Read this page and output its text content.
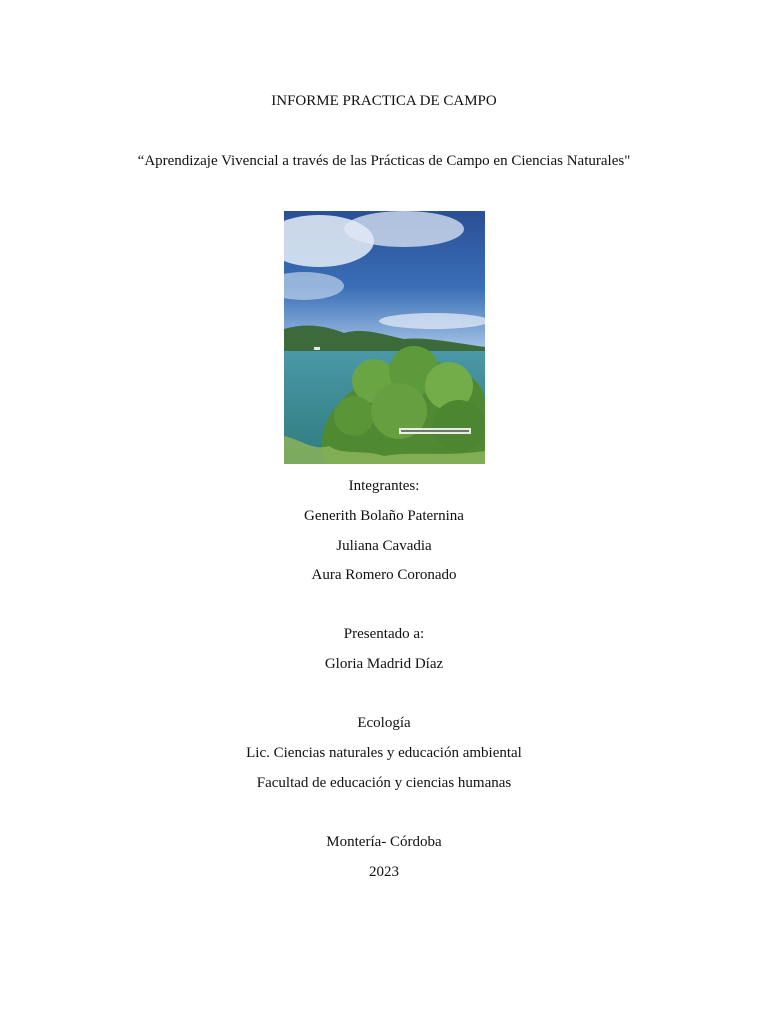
INFORME PRACTICA DE CAMPO
“Aprendizaje Vivencial a través de las Prácticas de Campo en Ciencias Naturales"
Integrantes:
Generith Bolaño Paternina
Juliana Cavadia
Aura Romero Coronado
Presentado a:
Gloria Madrid Díaz
Ecología
Lic. Ciencias naturales y educación ambiental
Facultad de educación y ciencias humanas
Montería- Córdoba
2023
